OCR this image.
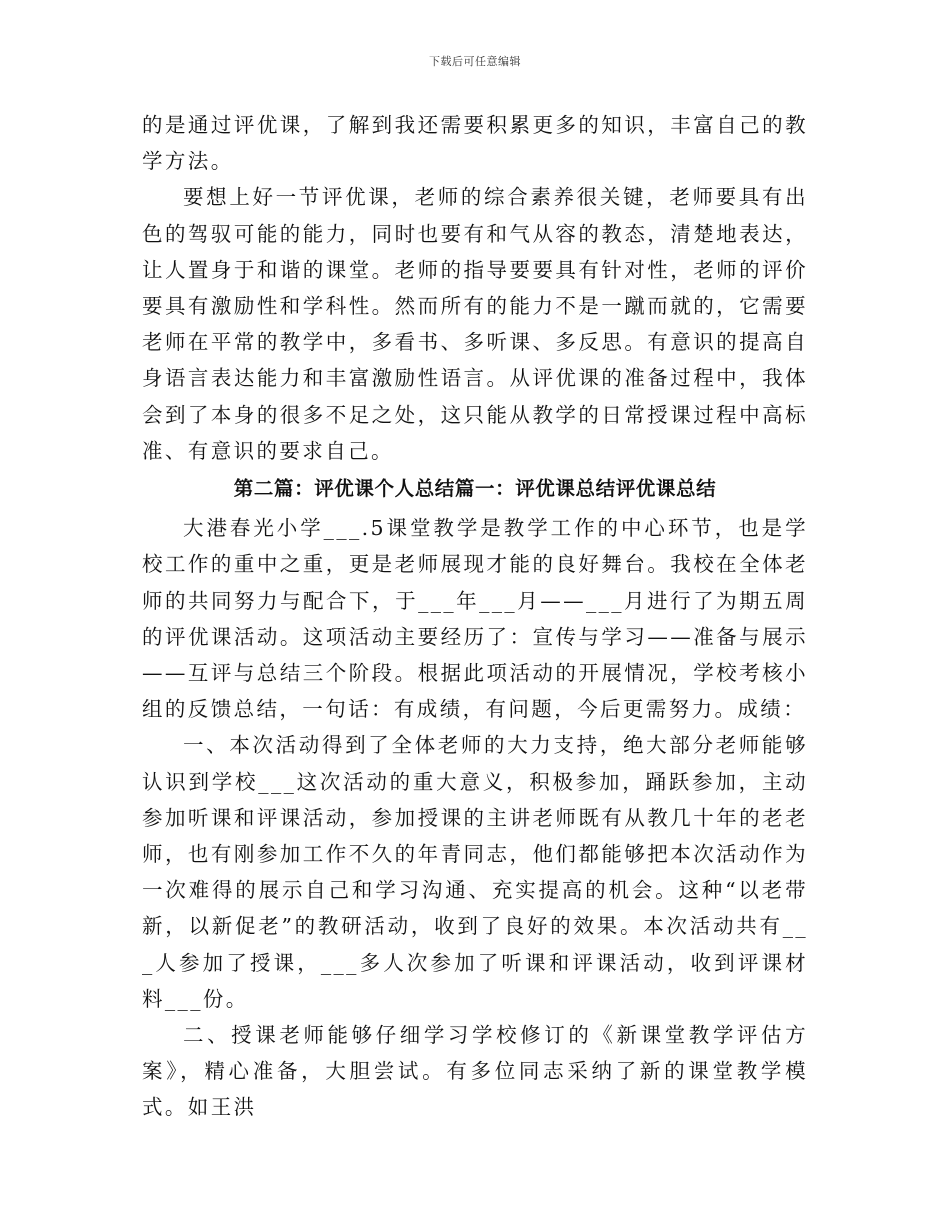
下载后可任意编辑

的是通过评优课，了解到我还需要积累更多的知识，丰富自己的教学方法。

要想上好一节评优课，老师的综合素养很关键，老师要具有出色的驾驭可能的能力，同时也要有和气从容的教态，清楚地表达，让人置身于和谐的课堂。老师的指导要要具有针对性，老师的评价要具有激励性和学科性。然而所有的能力不是一蹴而就的，它需要老师在平常的教学中，多看书、多听课、多反思。有意识的提高自身语言表达能力和丰富激励性语言。从评优课的准备过程中，我体会到了本身的很多不足之处，这只能从教学的日常授课过程中高标准、有意识的要求自己。

第二篇：评优课个人总结篇一：评优课总结评优课总结

大港春光小学___.5课堂教学是教学工作的中心环节，也是学校工作的重中之重，更是老师展现才能的良好舞台。我校在全体老师的共同努力与配合下，于___年___月——___月进行了为期五周的评优课活动。这项活动主要经历了：宣传与学习——准备与展示——互评与总结三个阶段。根据此项活动的开展情况，学校考核小组的反馈总结，一句话：有成绩，有问题，今后更需努力。成绩：

一、本次活动得到了全体老师的大力支持，绝大部分老师能够认识到学校___这次活动的重大意义，积极参加，踊跃参加，主动参加听课和评课活动，参加授课的主讲老师既有从教几十年的老老师，也有刚参加工作不久的年青同志，他们都能够把本次活动作为一次难得的展示自己和学习沟通、充实提高的机会。这种“以老带新，以新促老”的教研活动，收到了良好的效果。本次活动共有___人参加了授课，___多人次参加了听课和评课活动，收到评课材料___份。

二、授课老师能够仔细学习学校修订的《新课堂教学评估方案》，精心准备，大胆尝试。有多位同志采纳了新的课堂教学模式。如王洪
